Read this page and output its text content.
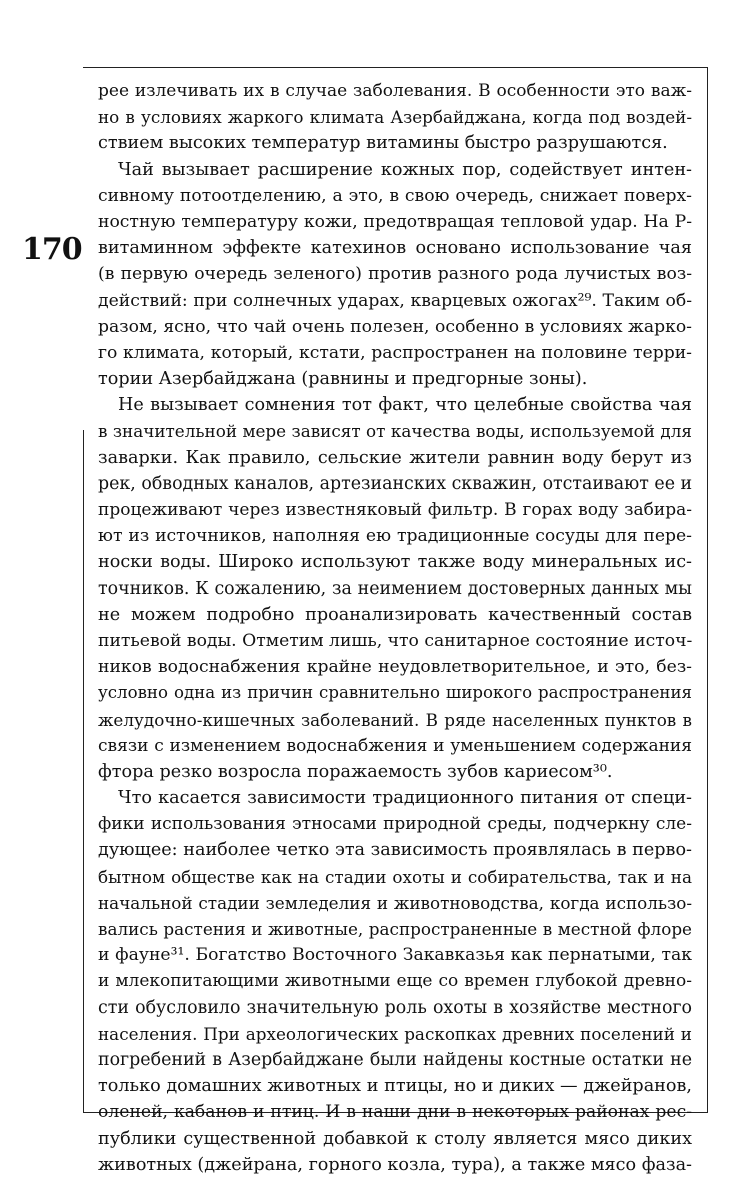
170
рее излечивать их в случае заболевания. В особенности это важ-
но в условиях жаркого климата Азербайджана, когда под воздей-
ствием высоких температур витамины быстро разрушаются.
Чай вызывает расширение кожных пор, содействует интен-
сивному потоотделению, а это, в свою очередь, снижает поверх-
ностную температуру кожи, предотвращая тепловой удар. На Р-
витаминном эффекте катехинов основано использование чая
(в первую очередь зеленого) против разного рода лучистых воз-
действий: при солнечных ударах, кварцевых ожогах²⁹. Таким об-
разом, ясно, что чай очень полезен, особенно в условиях жарко-
го климата, который, кстати, распространен на половине терри-
тории Азербайджана (равнины и предгорные зоны).
Не вызывает сомнения тот факт, что целебные свойства чая
в значительной мере зависят от качества воды, используемой для
заварки. Как правило, сельские жители равнин воду берут из
рек, обводных каналов, артезианских скважин, отстаивают ее и
процеживают через известняковый фильтр. В горах воду забира-
ют из источников, наполняя ею традиционные сосуды для пере-
носки воды. Широко используют также воду минеральных ис-
точников. К сожалению, за неимением достоверных данных мы
не можем подробно проанализировать качественный состав
питьевой воды. Отметим лишь, что санитарное состояние источ-
ников водоснабжения крайне неудовлетворительное, и это, без-
условно одна из причин сравнительно широкого распространения
желудочно-кишечных заболеваний. В ряде населенных пунктов в
связи с изменением водоснабжения и уменьшением содержания
фтора резко возросла поражаемость зубов кариесом³⁰.
Что касается зависимости традиционного питания от специ-
фики использования этносами природной среды, подчеркну сле-
дующее: наиболее четко эта зависимость проявлялась в перво-
бытном обществе как на стадии охоты и собирательства, так и на
начальной стадии земледелия и животноводства, когда использо-
вались растения и животные, распространенные в местной флоре
и фауне³¹. Богатство Восточного Закавказья как пернатыми, так
и млекопитающими животными еще со времен глубокой древно-
сти обусловило значительную роль охоты в хозяйстве местного
населения. При археологических раскопках древних поселений и
погребений в Азербайджане были найдены костные остатки не
только домашних животных и птицы, но и диких — джейранов,
оленей, кабанов и птиц. И в наши дни в некоторых районах рес-
публики существенной добавкой к столу является мясо диких
животных (джейрана, горного козла, тура), а также мясо фаза-
